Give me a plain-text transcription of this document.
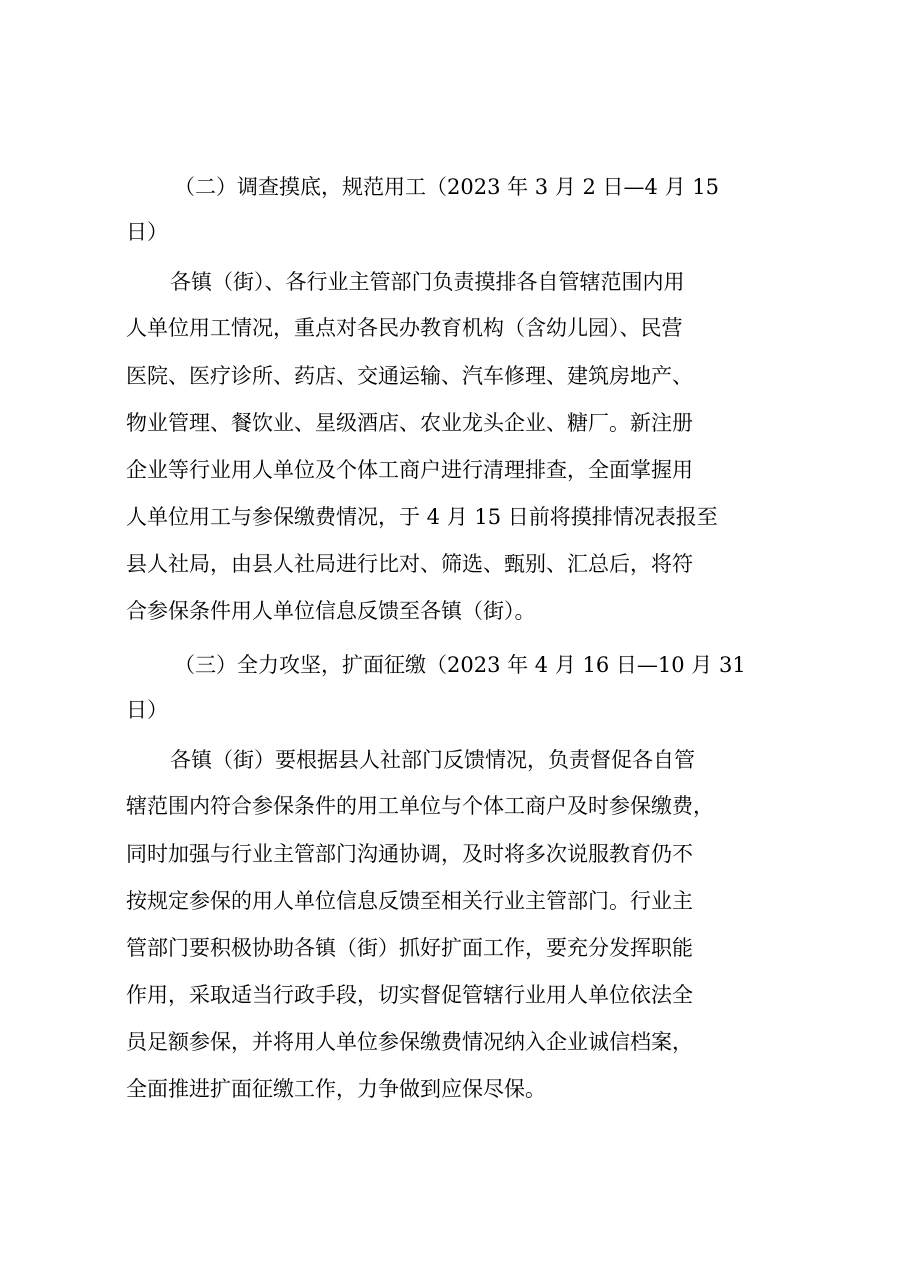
（二）调查摸底，规范用工（2023 年 3 月 2 日—4 月 15
日）
各镇（街）、各行业主管部门负责摸排各自管辖范围内用
人单位用工情况，重点对各民办教育机构（含幼儿园）、民营
医院、医疗诊所、药店、交通运输、汽车修理、建筑房地产、
物业管理、餐饮业、星级酒店、农业龙头企业、糖厂。新注册
企业等行业用人单位及个体工商户进行清理排查，全面掌握用
人单位用工与参保缴费情况，于 4 月 15 日前将摸排情况表报至
县人社局，由县人社局进行比对、筛选、甄别、汇总后，将符
合参保条件用人单位信息反馈至各镇（街）。
（三）全力攻坚，扩面征缴（2023 年 4 月 16 日—10 月 31
日）
各镇（街）要根据县人社部门反馈情况，负责督促各自管
辖范围内符合参保条件的用工单位与个体工商户及时参保缴费，
同时加强与行业主管部门沟通协调，及时将多次说服教育仍不
按规定参保的用人单位信息反馈至相关行业主管部门。行业主
管部门要积极协助各镇（街）抓好扩面工作，要充分发挥职能
作用，采取适当行政手段，切实督促管辖行业用人单位依法全
员足额参保，并将用人单位参保缴费情况纳入企业诚信档案，
全面推进扩面征缴工作，力争做到应保尽保。
